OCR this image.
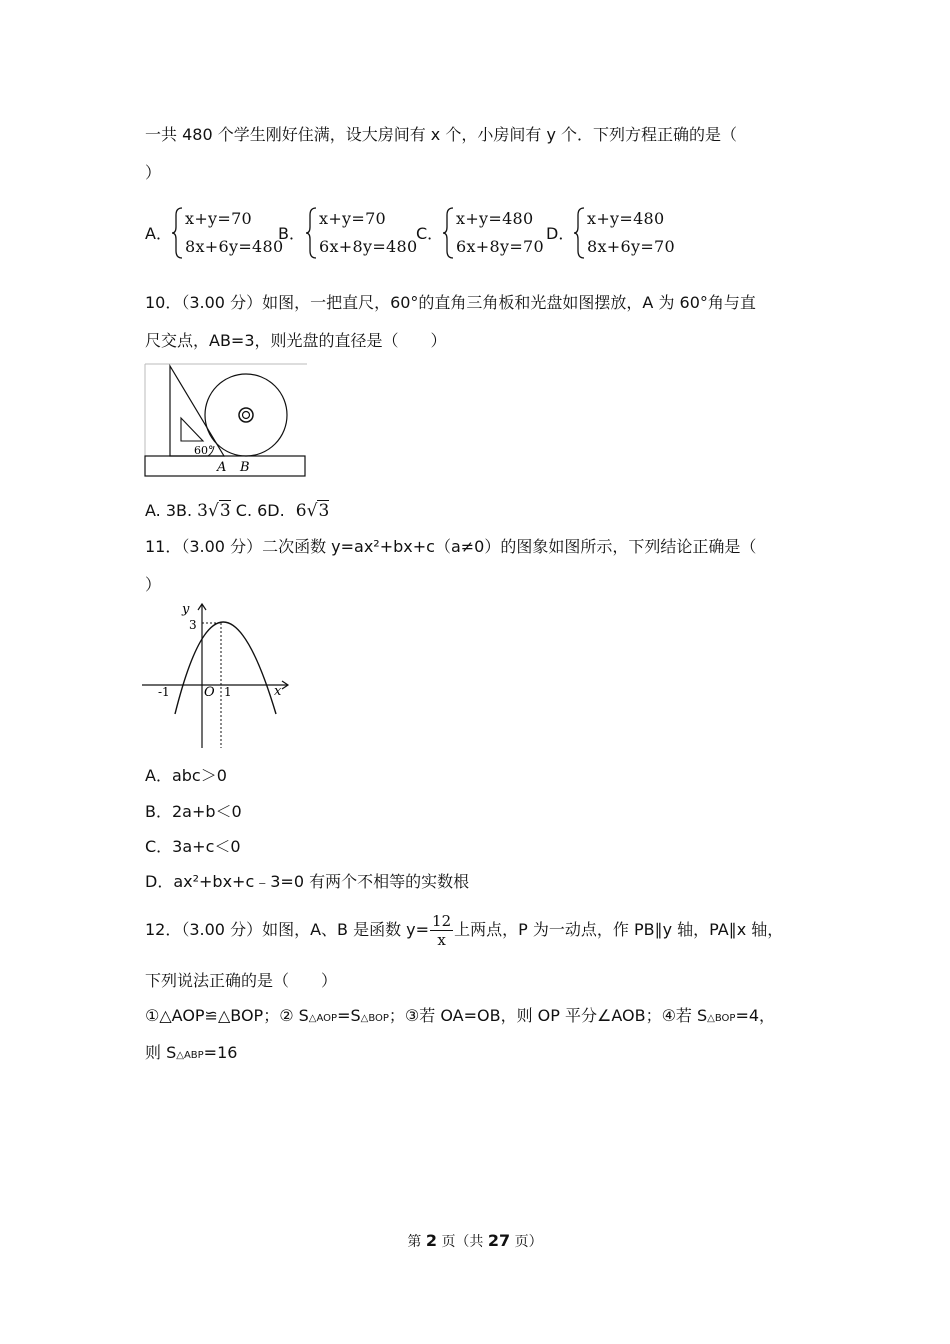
一共 480 个学生刚好住满，设大房间有 x 个，小房间有 y 个．下列方程正确的是（
）
A．
x+y=70
8x+6y=480
B．
x+y=70
6x+8y=480
C．
x+y=480
6x+8y=70
D．
x+y=480
8x+6y=70
10．（3.00 分）如图，一把直尺，60°的直角三角板和光盘如图摆放，A 为 60°角与直
尺交点，AB=3，则光盘的直径是（　　）
60°
A B
A. 3B. 3√3 C. 6D. 6√3
11．（3.00 分）二次函数 y=ax²+bx+c（a≠0）的图象如图所示，下列结论正确是（
）
y
x
O
-1	1
3
A．abc＞0
B．2a+b＜0
C．3a+c＜0
D．ax²+bx+c﹣3=0 有两个不相等的实数根
12．（3.00 分）如图，A、B 是函数 $y= \frac{12}{x}$ 上两点，P 为一动点，作 PB∥y 轴，PA∥x 轴，
下列说法正确的是（　　）
①△AOP≌△BOP；② S△AOP=S△BOP；③若 OA=OB，则 OP 平分∠AOB；④若 S△BOP=4，
则 S△ABP=16
第 2 页（共 27 页）
